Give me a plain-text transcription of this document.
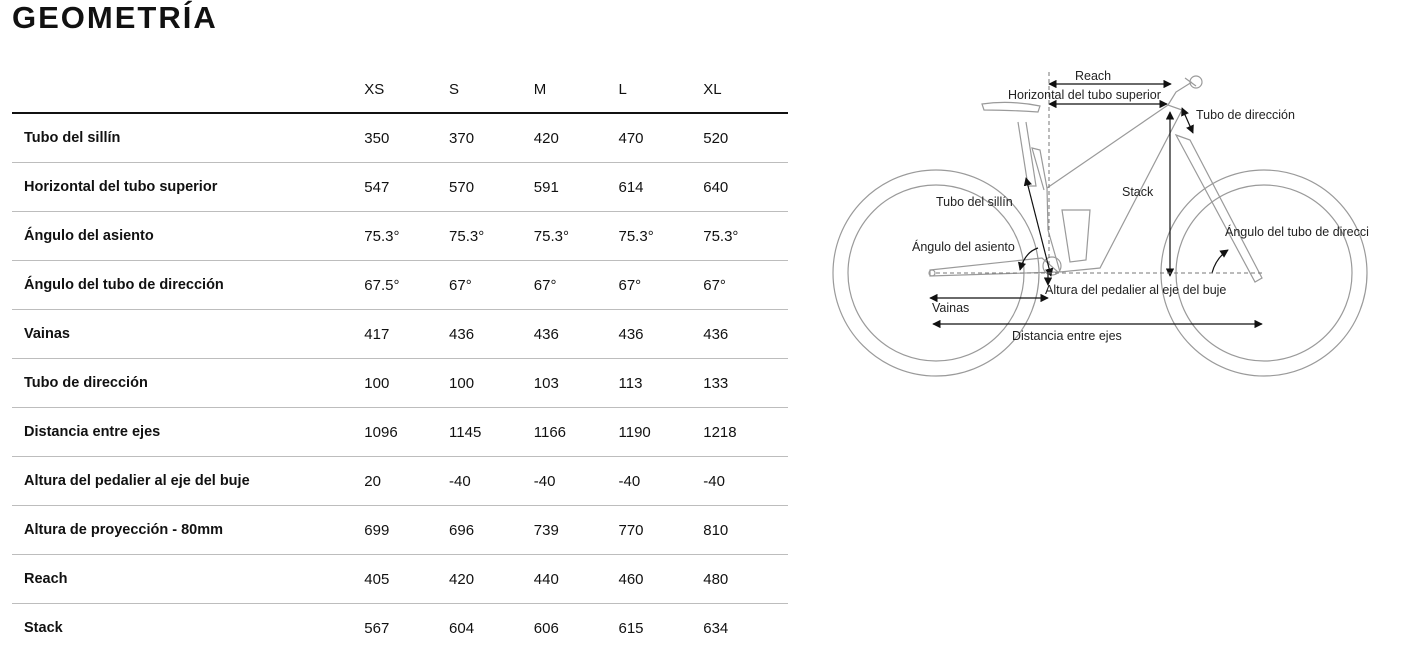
GEOMETRÍA
	XS	S	M	L	XL
Tubo del sillín	350	370	420	470	520
Horizontal del tubo superior	547	570	591	614	640
Ángulo del asiento	75.3°	75.3°	75.3°	75.3°	75.3°
Ángulo del tubo de dirección	67.5°	67°	67°	67°	67°
Vainas	417	436	436	436	436
Tubo de dirección	100	100	103	113	133
Distancia entre ejes	1096	1145	1166	1190	1218
Altura del pedalier al eje del buje	20	-40	-40	-40	-40
Altura de proyección - 80mm	699	696	739	770	810
Reach	405	420	440	460	480
Stack	567	604	606	615	634
Reach
Horizontal del tubo superior
Tubo de dirección
Stack
Tubo del sillín
Ángulo del asiento
Ángulo del tubo de direcci
Altura del pedalier al eje del buje
Vainas
Distancia entre ejes
